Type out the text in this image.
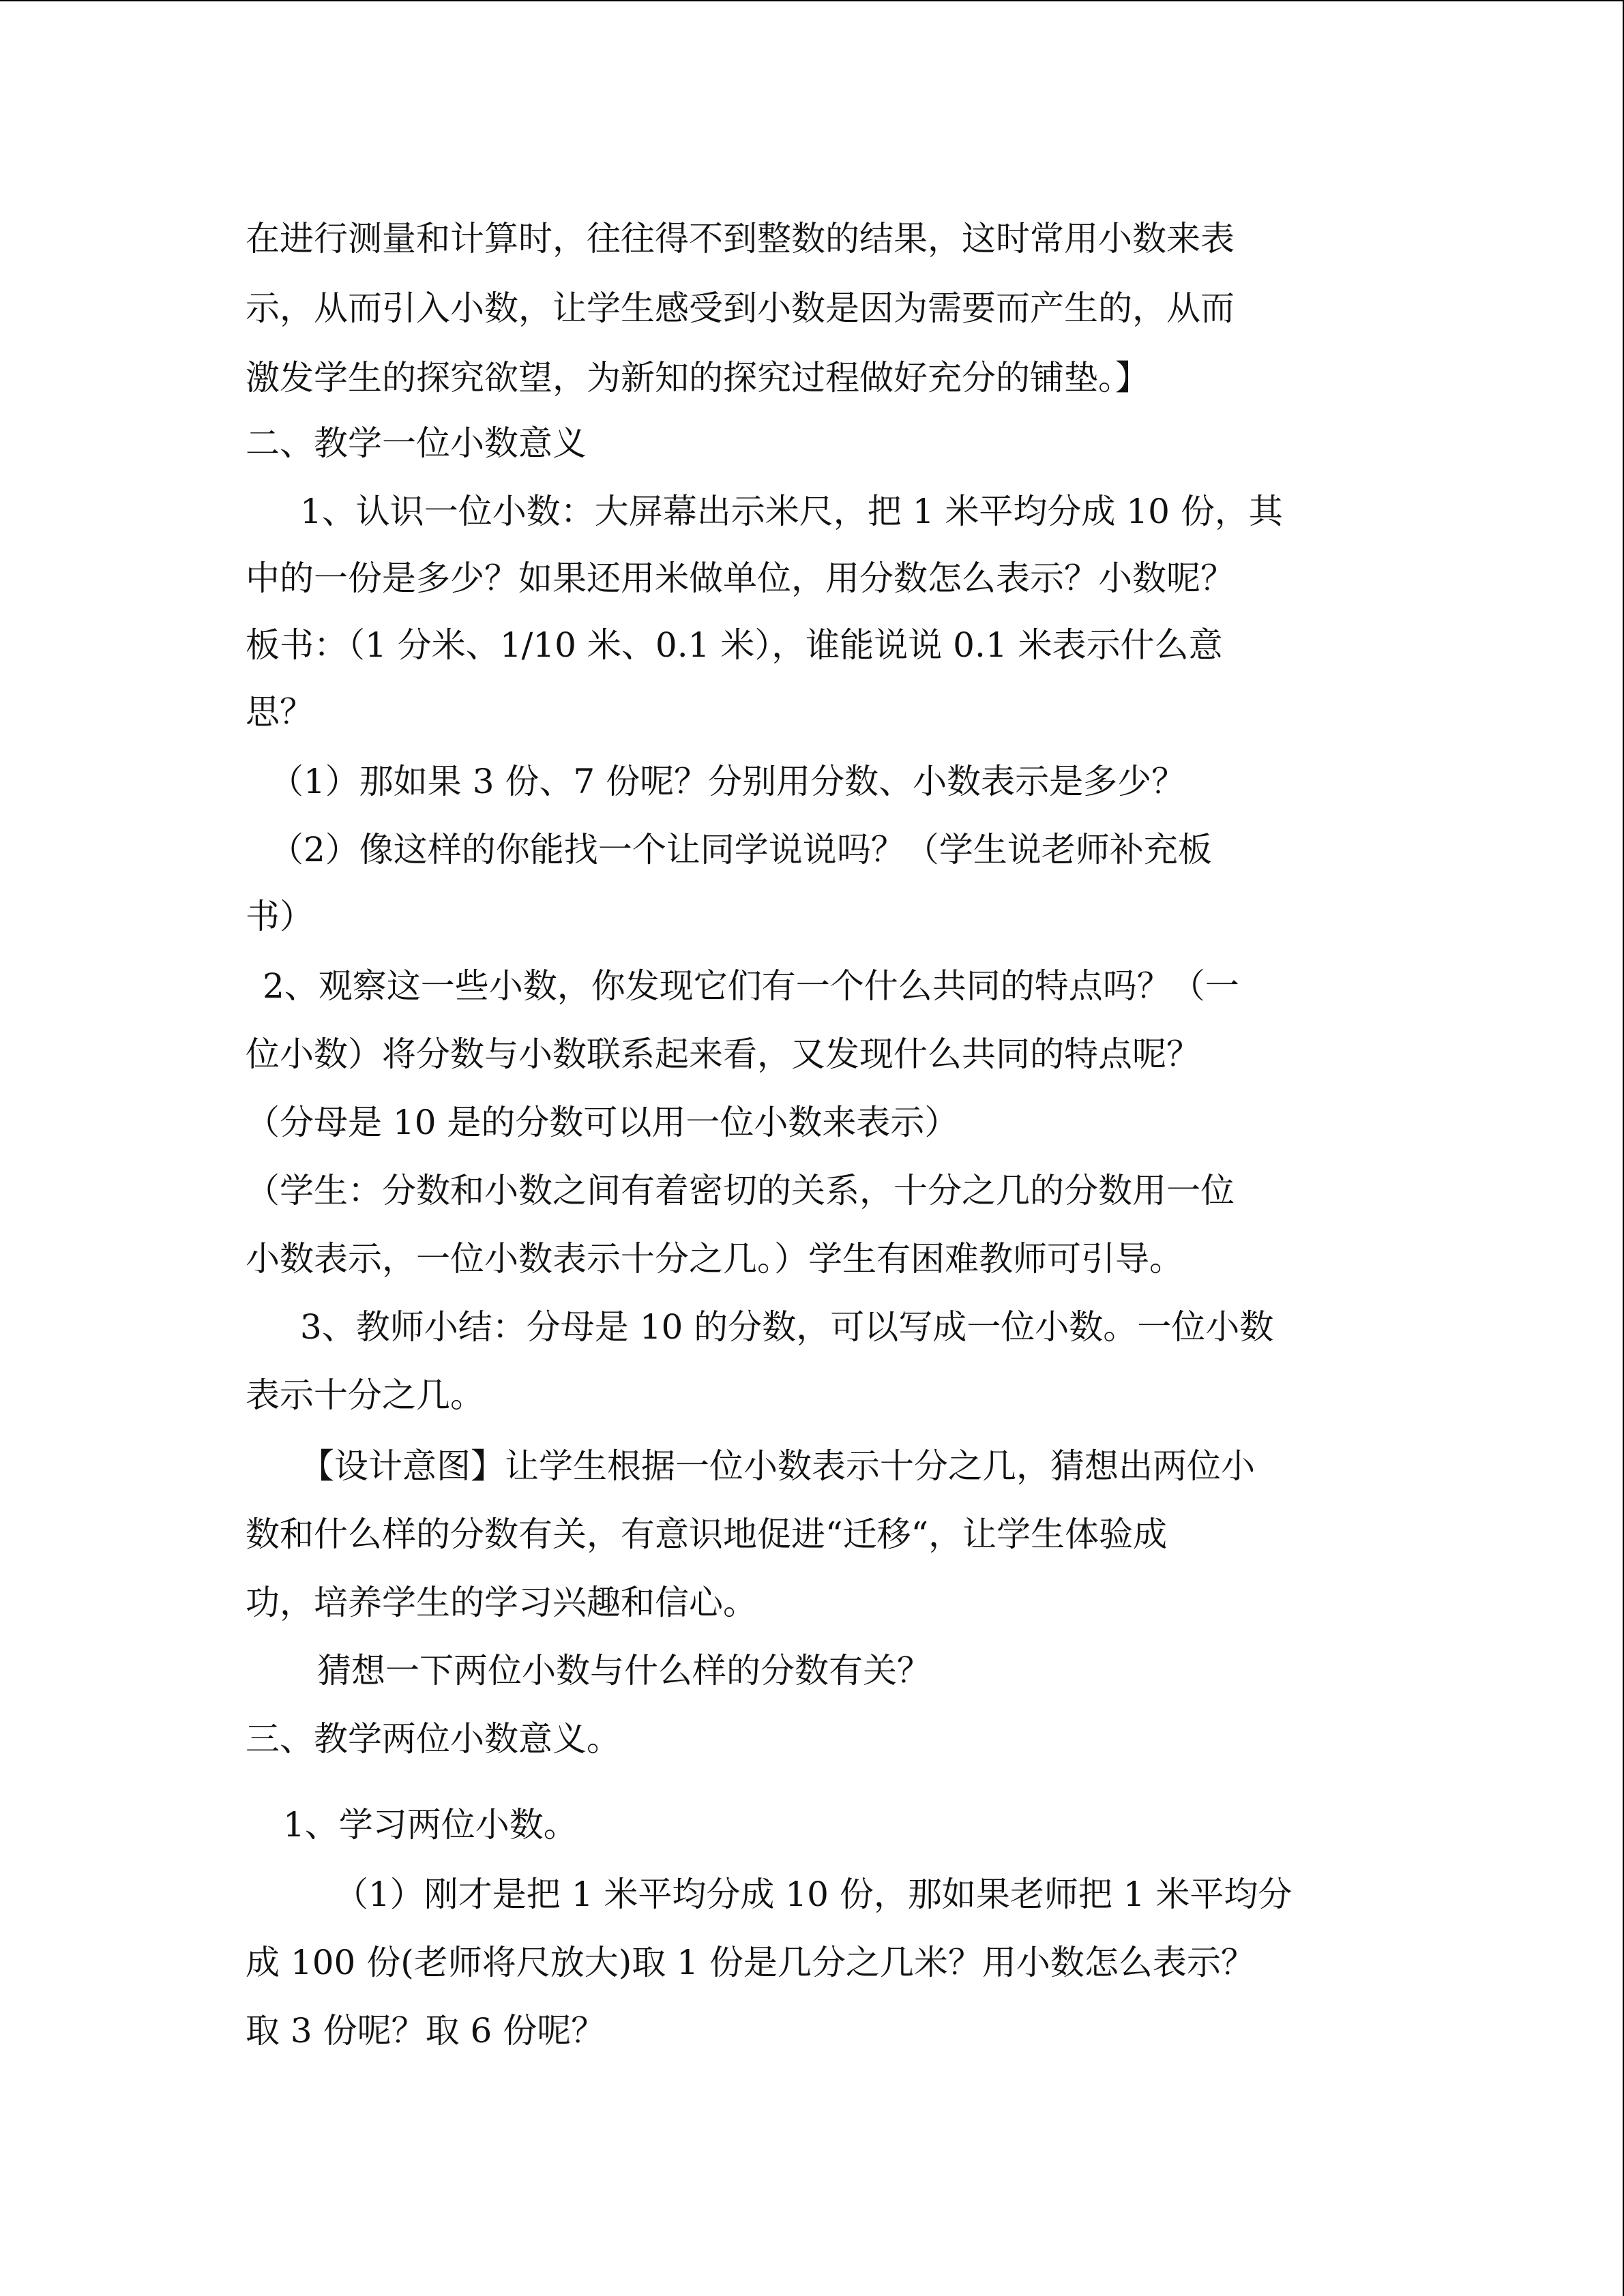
在进行测量和计算时，往往得不到整数的结果，这时常用小数来表
示，从而引入小数，让学生感受到小数是因为需要而产生的，从而
激发学生的探究欲望，为新知的探究过程做好充分的铺垫。】
二、教学一位小数意义
1、认识一位小数：大屏幕出示米尺，把 1 米平均分成 10 份，其
中的一份是多少？如果还用米做单位，用分数怎么表示？小数呢？
板书：（1 分米、1/10 米、0.1 米），谁能说说 0.1 米表示什么意
思？
（1）那如果 3 份、7 份呢？分别用分数、小数表示是多少？
（2）像这样的你能找一个让同学说说吗？（学生说老师补充板
书）
2、观察这一些小数，你发现它们有一个什么共同的特点吗？（一
位小数）将分数与小数联系起来看，又发现什么共同的特点呢？
（分母是 10 是的分数可以用一位小数来表示）
（学生：分数和小数之间有着密切的关系，十分之几的分数用一位
小数表示，一位小数表示十分之几。）学生有困难教师可引导。
3、教师小结：分母是 10 的分数，可以写成一位小数。一位小数
表示十分之几。
【设计意图】让学生根据一位小数表示十分之几，猜想出两位小
数和什么样的分数有关，有意识地促进“迁移“，让学生体验成
功，培养学生的学习兴趣和信心。
猜想一下两位小数与什么样的分数有关？
三、教学两位小数意义。
1、学习两位小数。
（1）刚才是把 1 米平均分成 10 份，那如果老师把 1 米平均分
成 100 份(老师将尺放大)取 1 份是几分之几米？用小数怎么表示？
取 3 份呢？取 6 份呢？
